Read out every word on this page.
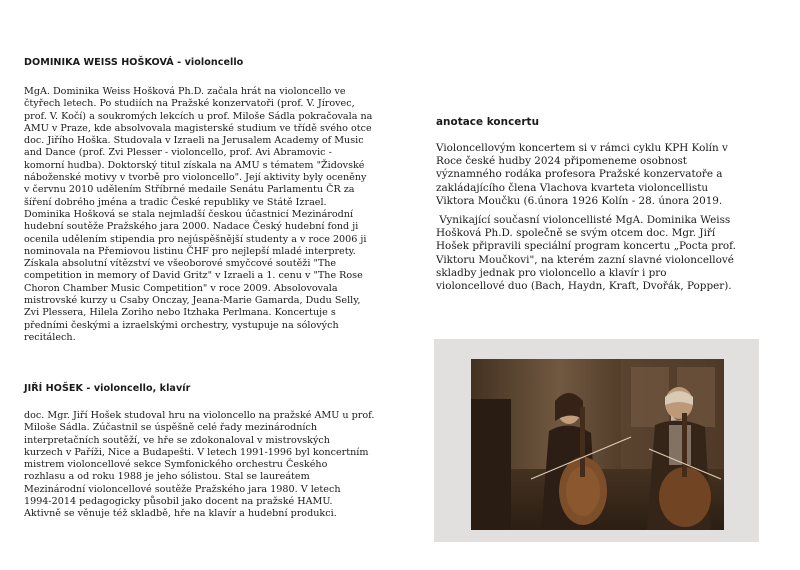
DOMINIKA WEISS HOŠKOVÁ - violoncello
MgA. Dominika Weiss Hošková Ph.D. začala hrát na violoncello ve
čtyřech letech. Po studiích na Pražské konzervatoři (prof. V. Jírovec,
prof. V. Kočí) a soukromých lekcích u prof. Miloše Sádla pokračovala na
AMU v Praze, kde absolvovala magisterské studium ve třídě svého otce
doc. Jiřího Hoška. Studovala v Izraeli na Jerusalem Academy of Music
and Dance (prof. Zvi Plesser - violoncello, prof. Avi Abramovic -
komorní hudba). Doktorský titul získala na AMU s tématem "Židovské
náboženské motivy v tvorbě pro violoncello". Její aktivity byly oceněny
v červnu 2010 udělením Stříbrné medaile Senátu Parlamentu ČR za
šíření dobrého jména a tradic České republiky ve Státě Izrael.
Dominika Hošková se stala nejmladší českou účastnicí Mezinárodní
hudební soutěže Pražského jara 2000. Nadace Český hudební fond ji
ocenila udělením stipendia pro nejúspěšnější studenty a v roce 2006 ji
nominovala na Přemiovou listinu ČHF pro nejlepší mladé interprety.
Získala absolutní vítězství ve všeoborové smyčcové soutěži "The
competition in memory of David Gritz" v Izraeli a 1. cenu v "The Rose
Choron Chamber Music Competition" v roce 2009. Absolovovala
mistrovské kurzy u Csaby Onczay, Jeana-Marie Gamarda, Dudu Selly,
Zvi Plessera, Hilela Zoriho nebo Itzhaka Perlmana. Koncertuje s
předními českými a izraelskými orchestry, vystupuje na sólových
recitálech.
JIŘÍ HOŠEK - violoncello, klavír
doc. Mgr. Jiří Hošek studoval hru na violoncello na pražské AMU u prof.
Miloše Sádla. Zúčastnil se úspěšně celé řady mezinárodních
interpretačních soutěží, ve hře se zdokonaloval v mistrovských
kurzech v Paříži, Nice a Budapešti. V letech 1991-1996 byl koncertním
mistrem violoncellové sekce Symfonického orchestru Českého
rozhlasu a od roku 1988 je jeho sólistou. Stal se laureátem
Mezinárodní violoncellové soutěže Pražského jara 1980. V letech
1994-2014 pedagogicky působil jako docent na pražské HAMU.
Aktivně se věnuje též skladbě, hře na klavír a hudební produkci.
anotace koncertu
Violoncellovým koncertem si v rámci cyklu KPH Kolín v
Roce české hudby 2024 připomeneme osobnost
významného rodáka profesora Pražské konzervatoře a
zakládajícího člena Vlachova kvarteta violoncellistu
Viktora Moučku (6.února 1926 Kolín - 28. února 2019.
Vynikající současní violoncellisté MgA. Dominika Weiss
Hošková Ph.D. společně se svým otcem doc. Mgr. Jiří
Hošek připravili speciální program koncertu „Pocta prof.
Viktoru Moučkovi", na kterém zazní slavné violoncellové
skladby jednak pro violoncello a klavír i pro
violoncellové duo (Bach, Haydn, Kraft, Dvořák, Popper).
